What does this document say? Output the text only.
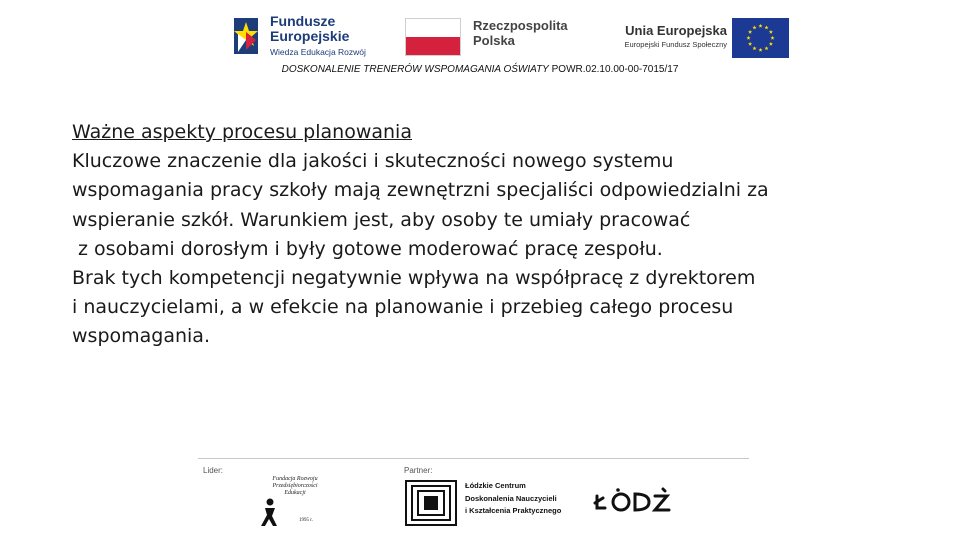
Fundusze
Europejskie
Wiedza Edukacja Rozwój
Rzeczpospolita
Polska
Unia Europejska
Europejski Fundusz Społeczny
DOSKONALENIE TRENERÓW WSPOMAGANIA OŚWIATY POWR.02.10.00-00-7015/17
Ważne aspekty procesu planowania
Kluczowe znaczenie dla jakości i skuteczności nowego systemu
wspomagania pracy szkoły mają zewnętrzni specjaliści odpowiedzialni za
wspieranie szkół. Warunkiem jest, aby osoby te umiały pracować
z osobami dorosłym i były gotowe moderować pracę zespołu.
Brak tych kompetencji negatywnie wpływa na współpracę z dyrektorem
i nauczycielami, a w efekcie na planowanie i przebieg całego procesu
wspomagania.
Lider:	Partner:
Fundacja Rozwoju
Przedsiębiorczości
Edukacji
1995 r.
Łódzkie Centrum
Doskonalenia Nauczycieli
i Kształcenia Praktycznego
